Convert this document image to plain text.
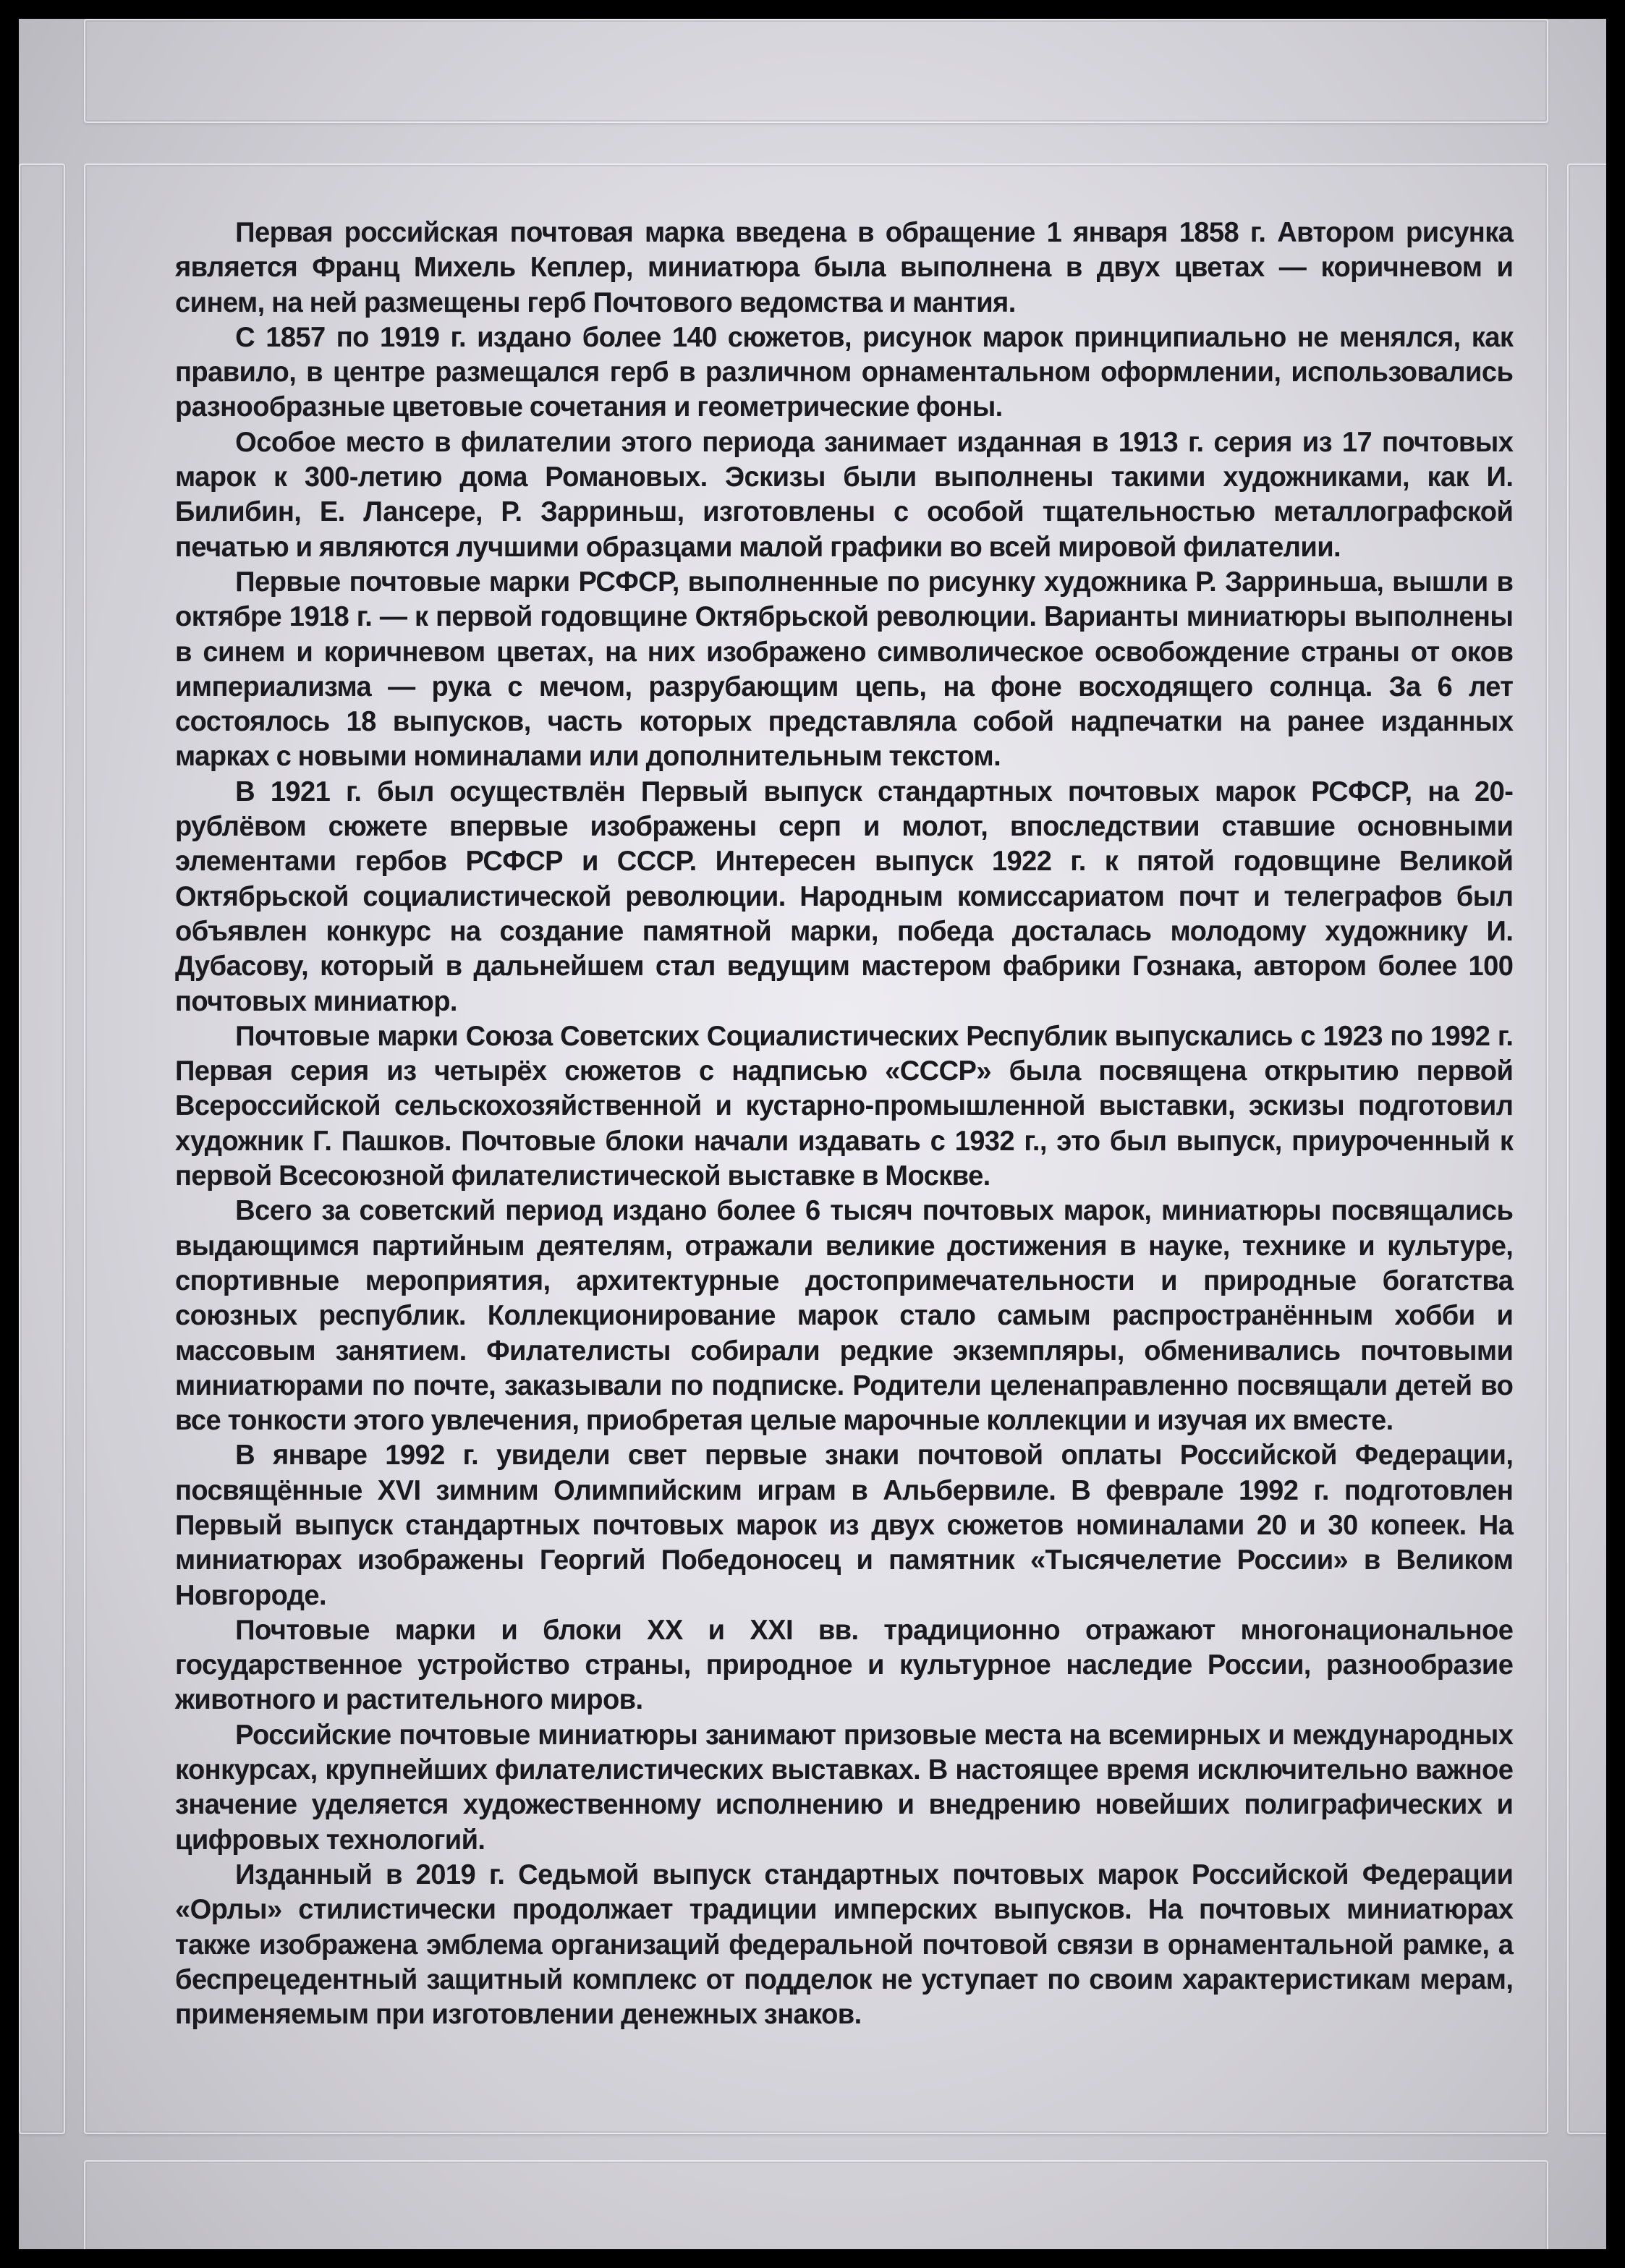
Первая российская почтовая марка введена в обращение 1 января 1858 г. Автором рисунка является Франц Михель Кеплер, миниатюра была выполнена в двух цветах — коричневом и синем, на ней размещены герб Почтового ведомства и мантия.

С 1857 по 1919 г. издано более 140 сюжетов, рисунок марок принципиально не менялся, как правило, в центре размещался герб в различном орнаментальном оформлении, использовались разнообразные цветовые сочетания и геометрические фоны.

Особое место в филателии этого периода занимает изданная в 1913 г. серия из 17 почтовых марок к 300-летию дома Романовых. Эскизы были выполнены такими художниками, как И. Билибин, Е. Лансере, Р. Зарриньш, изготовлены с особой тщательностью металлографской печатью и являются лучшими образцами малой графики во всей мировой филателии.

Первые почтовые марки РСФСР, выполненные по рисунку художника Р. Зарриньша, вышли в октябре 1918 г. — к первой годовщине Октябрьской революции. Варианты миниатюры выполнены в синем и коричневом цветах, на них изображено символическое освобождение страны от оков империализма — рука с мечом, разрубающим цепь, на фоне восходящего солнца. За 6 лет состоялось 18 выпусков, часть которых представляла собой надпечатки на ранее изданных марках с новыми номиналами или дополнительным текстом.

В 1921 г. был осуществлён Первый выпуск стандартных почтовых марок РСФСР, на 20-рублёвом сюжете впервые изображены серп и молот, впоследствии ставшие основными элементами гербов РСФСР и СССР. Интересен выпуск 1922 г. к пятой годовщине Великой Октябрьской социалистической революции. Народным комиссариатом почт и телеграфов был объявлен конкурс на создание памятной марки, победа досталась молодому художнику И. Дубасову, который в дальнейшем стал ведущим мастером фабрики Гознака, автором более 100 почтовых миниатюр.

Почтовые марки Союза Советских Социалистических Республик выпускались с 1923 по 1992 г. Первая серия из четырёх сюжетов с надписью «СССР» была посвящена открытию первой Всероссийской сельскохозяйственной и кустарно-промышленной выставки, эскизы подготовил художник Г. Пашков. Почтовые блоки начали издавать с 1932 г., это был выпуск, приуроченный к первой Всесоюзной филателистической выставке в Москве.

Всего за советский период издано более 6 тысяч почтовых марок, миниатюры посвящались выдающимся партийным деятелям, отражали великие достижения в науке, технике и культуре, спортивные мероприятия, архитектурные достопримечательности и природные богатства союзных республик. Коллекционирование марок стало самым распространённым хобби и массовым занятием. Филателисты собирали редкие экземпляры, обменивались почтовыми миниатюрами по почте, заказывали по подписке. Родители целенаправленно посвящали детей во все тонкости этого увлечения, приобретая целые марочные коллекции и изучая их вместе.

В январе 1992 г. увидели свет первые знаки почтовой оплаты Российской Федерации, посвящённые XVI зимним Олимпийским играм в Альбервиле. В феврале 1992 г. подготовлен Первый выпуск стандартных почтовых марок из двух сюжетов номиналами 20 и 30 копеек. На миниатюрах изображены Георгий Победоносец и памятник «Тысячелетие России» в Великом Новгороде.

Почтовые марки и блоки XX и XXI вв. традиционно отражают многонациональное государственное устройство страны, природное и культурное наследие России, разнообразие животного и растительного миров.

Российские почтовые миниатюры занимают призовые места на всемирных и международных конкурсах, крупнейших филателистических выставках. В настоящее время исключительно важное значение уделяется художественному исполнению и внедрению новейших полиграфических и цифровых технологий.

Изданный в 2019 г. Седьмой выпуск стандартных почтовых марок Российской Федерации «Орлы» стилистически продолжает традиции имперских выпусков. На почтовых миниатюрах также изображена эмблема организаций федеральной почтовой связи в орнаментальной рамке, а беспрецедентный защитный комплекс от подделок не уступает по своим характеристикам мерам, применяемым при изготовлении денежных знаков.
